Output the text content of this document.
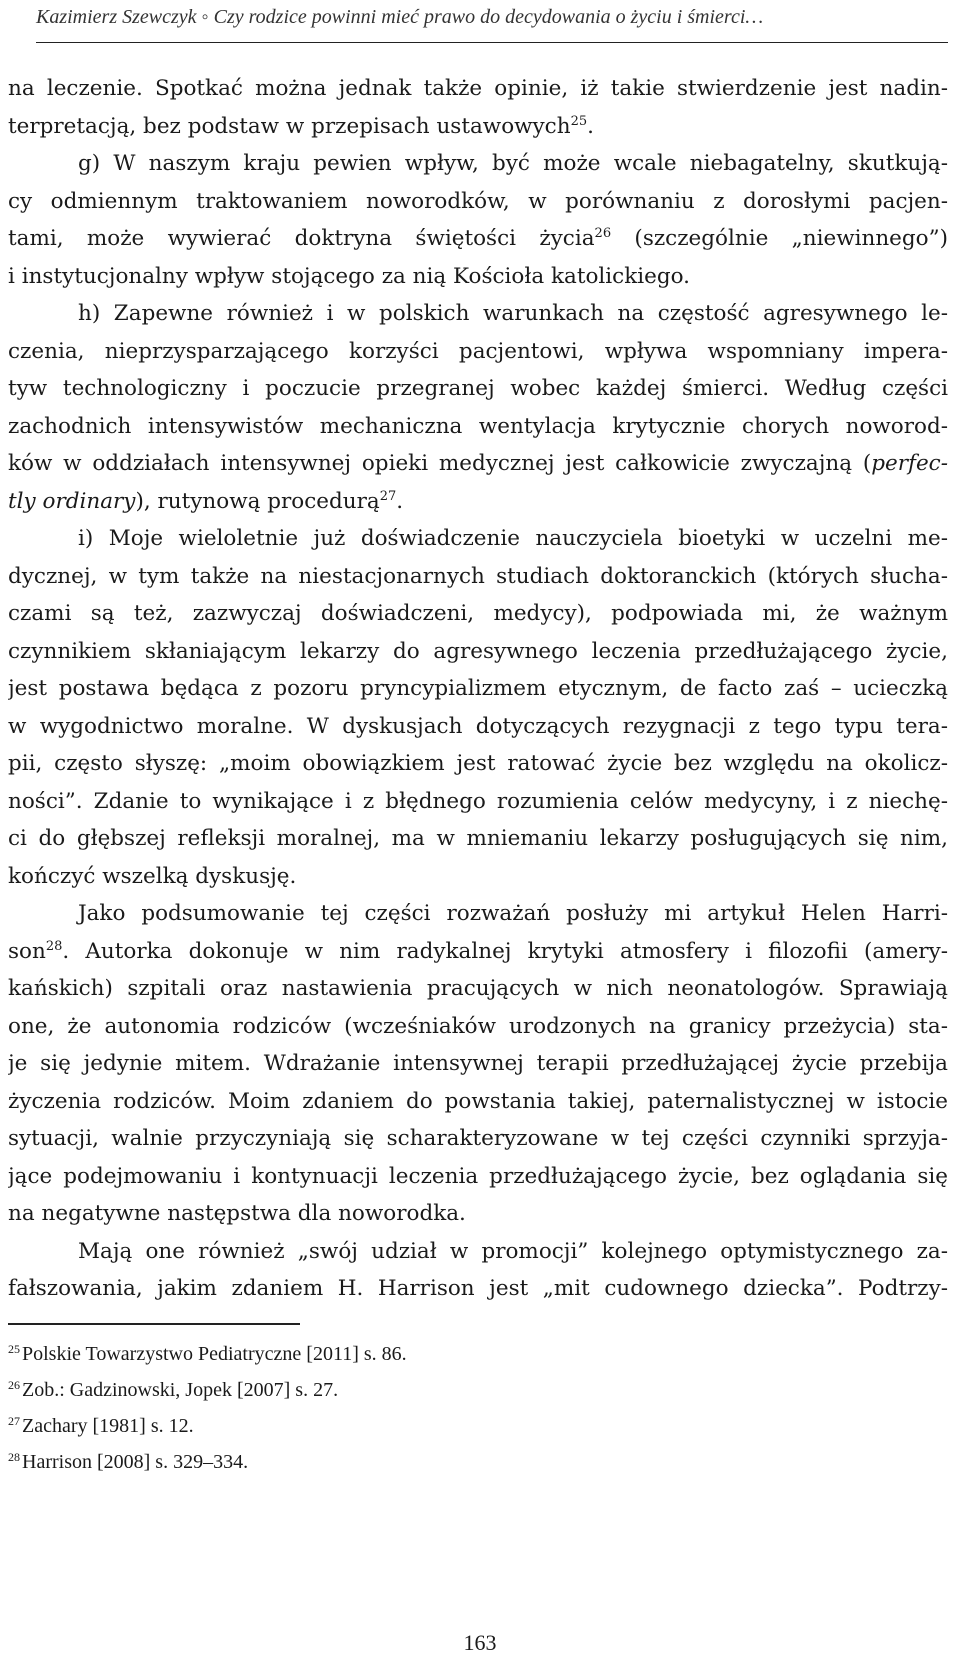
Kazimierz Szewczyk ◦ Czy rodzice powinni mieć prawo do decydowania o życiu i śmierci…
na leczenie. Spotkać można jednak także opinie, iż takie stwierdzenie jest nadin-
terpretacją, bez podstaw w przepisach ustawowych$^{25}$.
g) W naszym kraju pewien wpływ, być może wcale niebagatelny, skutkują-
cy odmiennym traktowaniem noworodków, w porównaniu z dorosłymi pacjen-
tami, może wywierać doktryna świętości życia$^{26}$ (szczególnie „niewinnego”)
i instytucjonalny wpływ stojącego za nią Kościoła katolickiego.
h) Zapewne również i w polskich warunkach na częstość agresywnego le-
czenia, nieprzysparzającego korzyści pacjentowi, wpływa wspomniany impera-
tyw technologiczny i poczucie przegranej wobec każdej śmierci. Według części
zachodnich intensywistów mechaniczna wentylacja krytycznie chorych noworod-
ków w oddziałach intensywnej opieki medycznej jest całkowicie zwyczajną (perfec-
tly ordinary), rutynową procedurą$^{27}$.
i) Moje wieloletnie już doświadczenie nauczyciela bioetyki w uczelni me-
dycznej, w tym także na niestacjonarnych studiach doktoranckich (których słucha-
czami są też, zazwyczaj doświadczeni, medycy), podpowiada mi, że ważnym
czynnikiem skłaniającym lekarzy do agresywnego leczenia przedłużającego życie,
jest postawa będąca z pozoru pryncypializmem etycznym, de facto zaś – ucieczką
w wygodnictwo moralne. W dyskusjach dotyczących rezygnacji z tego typu tera-
pii, często słyszę: „moim obowiązkiem jest ratować życie bez względu na okolicz-
ności”. Zdanie to wynikające i z błędnego rozumienia celów medycyny, i z niechę-
ci do głębszej refleksji moralnej, ma w mniemaniu lekarzy posługujących się nim,
kończyć wszelką dyskusję.
Jako podsumowanie tej części rozważań posłuży mi artykuł Helen Harri-
son$^{28}$. Autorka dokonuje w nim radykalnej krytyki atmosfery i filozofii (amery-
kańskich) szpitali oraz nastawienia pracujących w nich neonatologów. Sprawiają
one, że autonomia rodziców (wcześniaków urodzonych na granicy przeżycia) sta-
je się jedynie mitem. Wdrażanie intensywnej terapii przedłużającej życie przebija
życzenia rodziców. Moim zdaniem do powstania takiej, paternalistycznej w istocie
sytuacji, walnie przyczyniają się scharakteryzowane w tej części czynniki sprzyja-
jące podejmowaniu i kontynuacji leczenia przedłużającego życie, bez oglądania się
na negatywne następstwa dla noworodka.
Mają one również „swój udział w promocji” kolejnego optymistycznego za-
fałszowania, jakim zdaniem H. Harrison jest „mit cudownego dziecka”. Podtrzy-
$^{25}$ Polskie Towarzystwo Pediatryczne [2011] s. 86.
$^{26}$ Zob.: Gadzinowski, Jopek [2007] s. 27.
$^{27}$ Zachary [1981] s. 12.
$^{28}$ Harrison [2008] s. 329–334.
163
